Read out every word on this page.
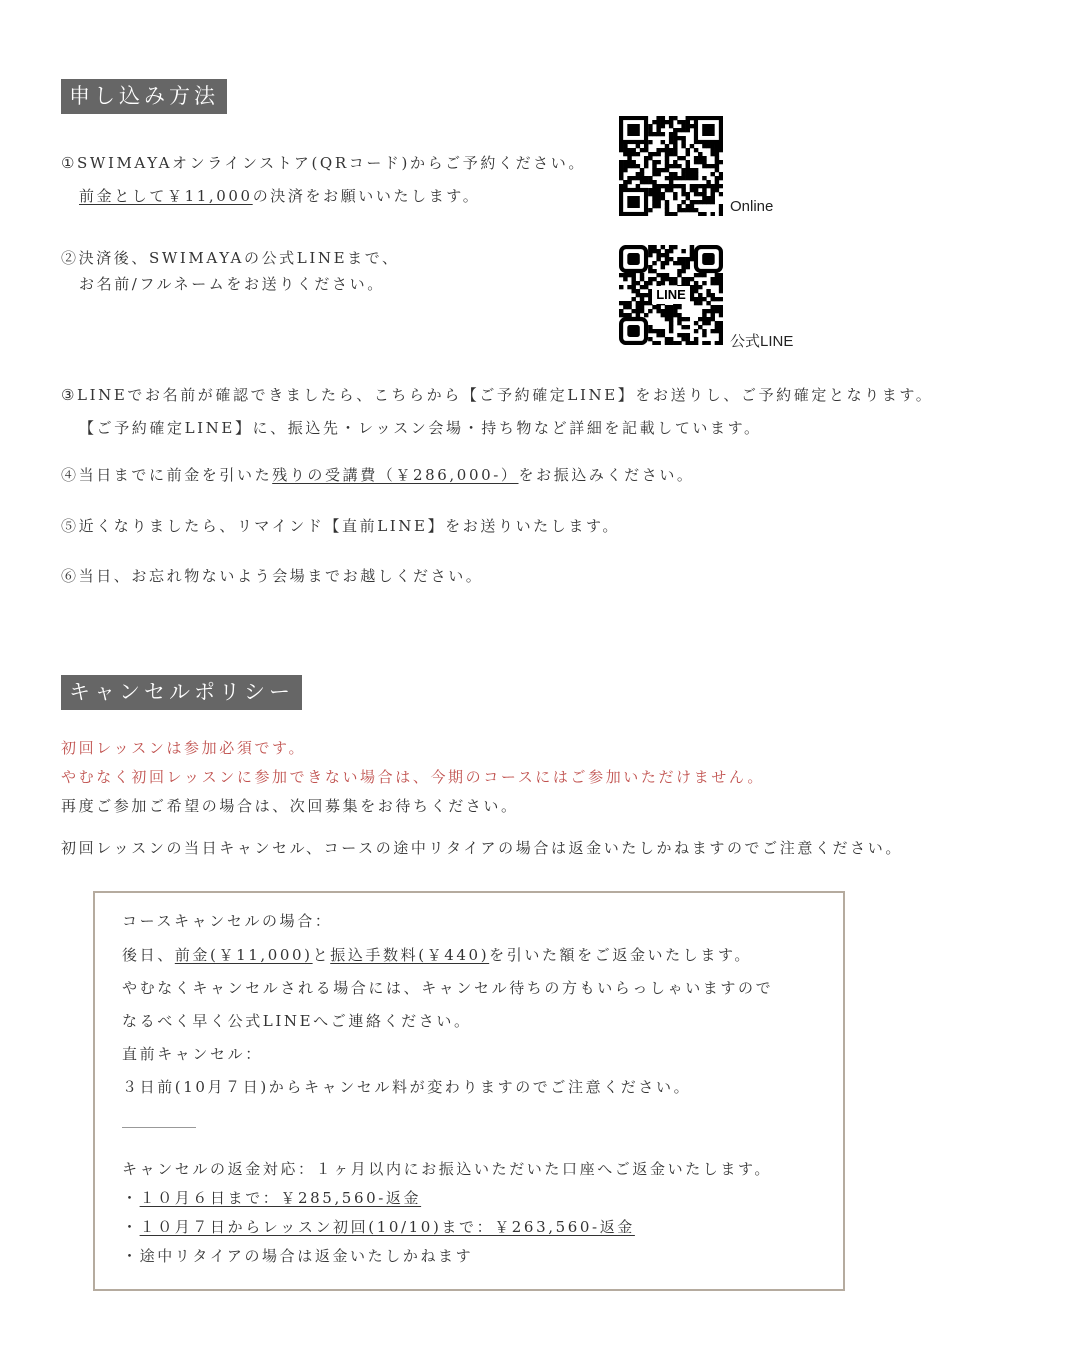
申し込み方法
①SWIMAYAオンラインストア(QRコード)からご予約ください。
前金として￥11,000の決済をお願いいたします。
②決済後、SWIMAYAの公式LINEまで、
お名前/フルネームをお送りください。
Online
LINE
公式LINE
③LINEでお名前が確認できましたら、こちらから【ご予約確定LINE】をお送りし、ご予約確定となります。
【ご予約確定LINE】に、振込先・レッスン会場・持ち物など詳細を記載しています。
④当日までに前金を引いた残りの受講費（￥286,000-）をお振込みください。
⑤近くなりましたら、リマインド【直前LINE】をお送りいたします。
⑥当日、お忘れ物ないよう会場までお越しください。
キャンセルポリシー
初回レッスンは参加必須です。
やむなく初回レッスンに参加できない場合は、今期のコースにはご参加いただけません。
再度ご参加ご希望の場合は、次回募集をお待ちください。
初回レッスンの当日キャンセル、コースの途中リタイアの場合は返金いたしかねますのでご注意ください。
コースキャンセルの場合：
後日、前金(￥11,000)と振込手数料(￥440)を引いた額をご返金いたします。
やむなくキャンセルされる場合には、キャンセル待ちの方もいらっしゃいますので
なるべく早く公式LINEへご連絡ください。
直前キャンセル：
３日前(10月７日)からキャンセル料が変わりますのでご注意ください。
キャンセルの返金対応：１ヶ月以内にお振込いただいた口座へご返金いたします。
・１０月６日まで：￥285,560-返金
・１０月７日からレッスン初回(10/10)まで：￥263,560-返金
・途中リタイアの場合は返金いたしかねます
